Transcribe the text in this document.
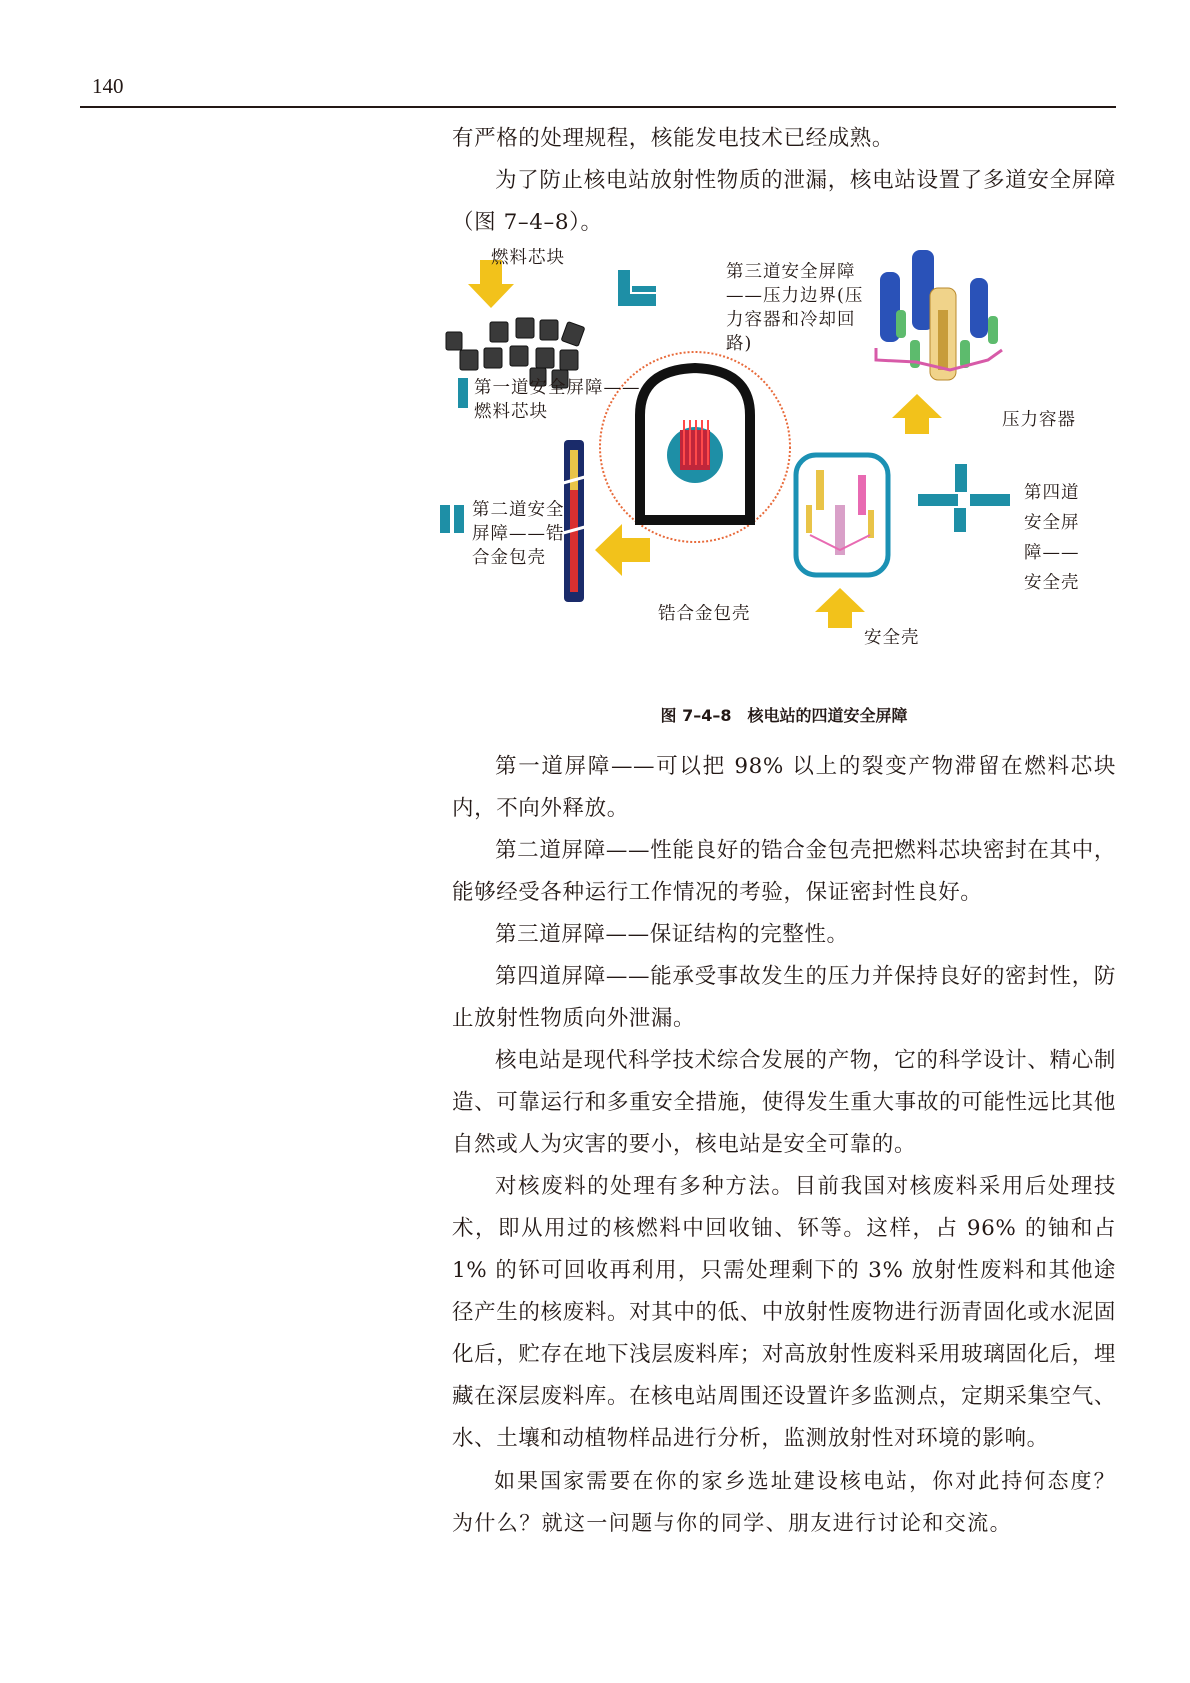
140

有严格的处理规程，核能发电技术已经成熟。

为了防止核电站放射性物质的泄漏，核电站设置了多道安全屏障（图 7–4–8）。

燃料芯块
第一道安全屏障——燃料芯块
第二道安全屏障——锆合金包壳
锆合金包壳
第三道安全屏障——压力边界(压力容器和冷却回路)
压力容器
第四道安全屏障——安全壳
安全壳
图 7–4–8　核电站的四道安全屏障

第一道屏障——可以把 98% 以上的裂变产物滞留在燃料芯块内，不向外释放。

第二道屏障——性能良好的锆合金包壳把燃料芯块密封在其中，能够经受各种运行工作情况的考验，保证密封性良好。

第三道屏障——保证结构的完整性。

第四道屏障——能承受事故发生的压力并保持良好的密封性，防止放射性物质向外泄漏。

核电站是现代科学技术综合发展的产物，它的科学设计、精心制造、可靠运行和多重安全措施，使得发生重大事故的可能性远比其他自然或人为灾害的要小，核电站是安全可靠的。

对核废料的处理有多种方法。目前我国对核废料采用后处理技术，即从用过的核燃料中回收铀、钚等。这样，占 96% 的铀和占 1% 的钚可回收再利用，只需处理剩下的 3% 放射性废料和其他途径产生的核废料。对其中的低、中放射性废物进行沥青固化或水泥固化后，贮存在地下浅层废料库；对高放射性废料采用玻璃固化后，埋藏在深层废料库。在核电站周围还设置许多监测点，定期采集空气、水、土壤和动植物样品进行分析，监测放射性对环境的影响。

如果国家需要在你的家乡选址建设核电站，你对此持何态度？为什么？就这一问题与你的同学、朋友进行讨论和交流。
